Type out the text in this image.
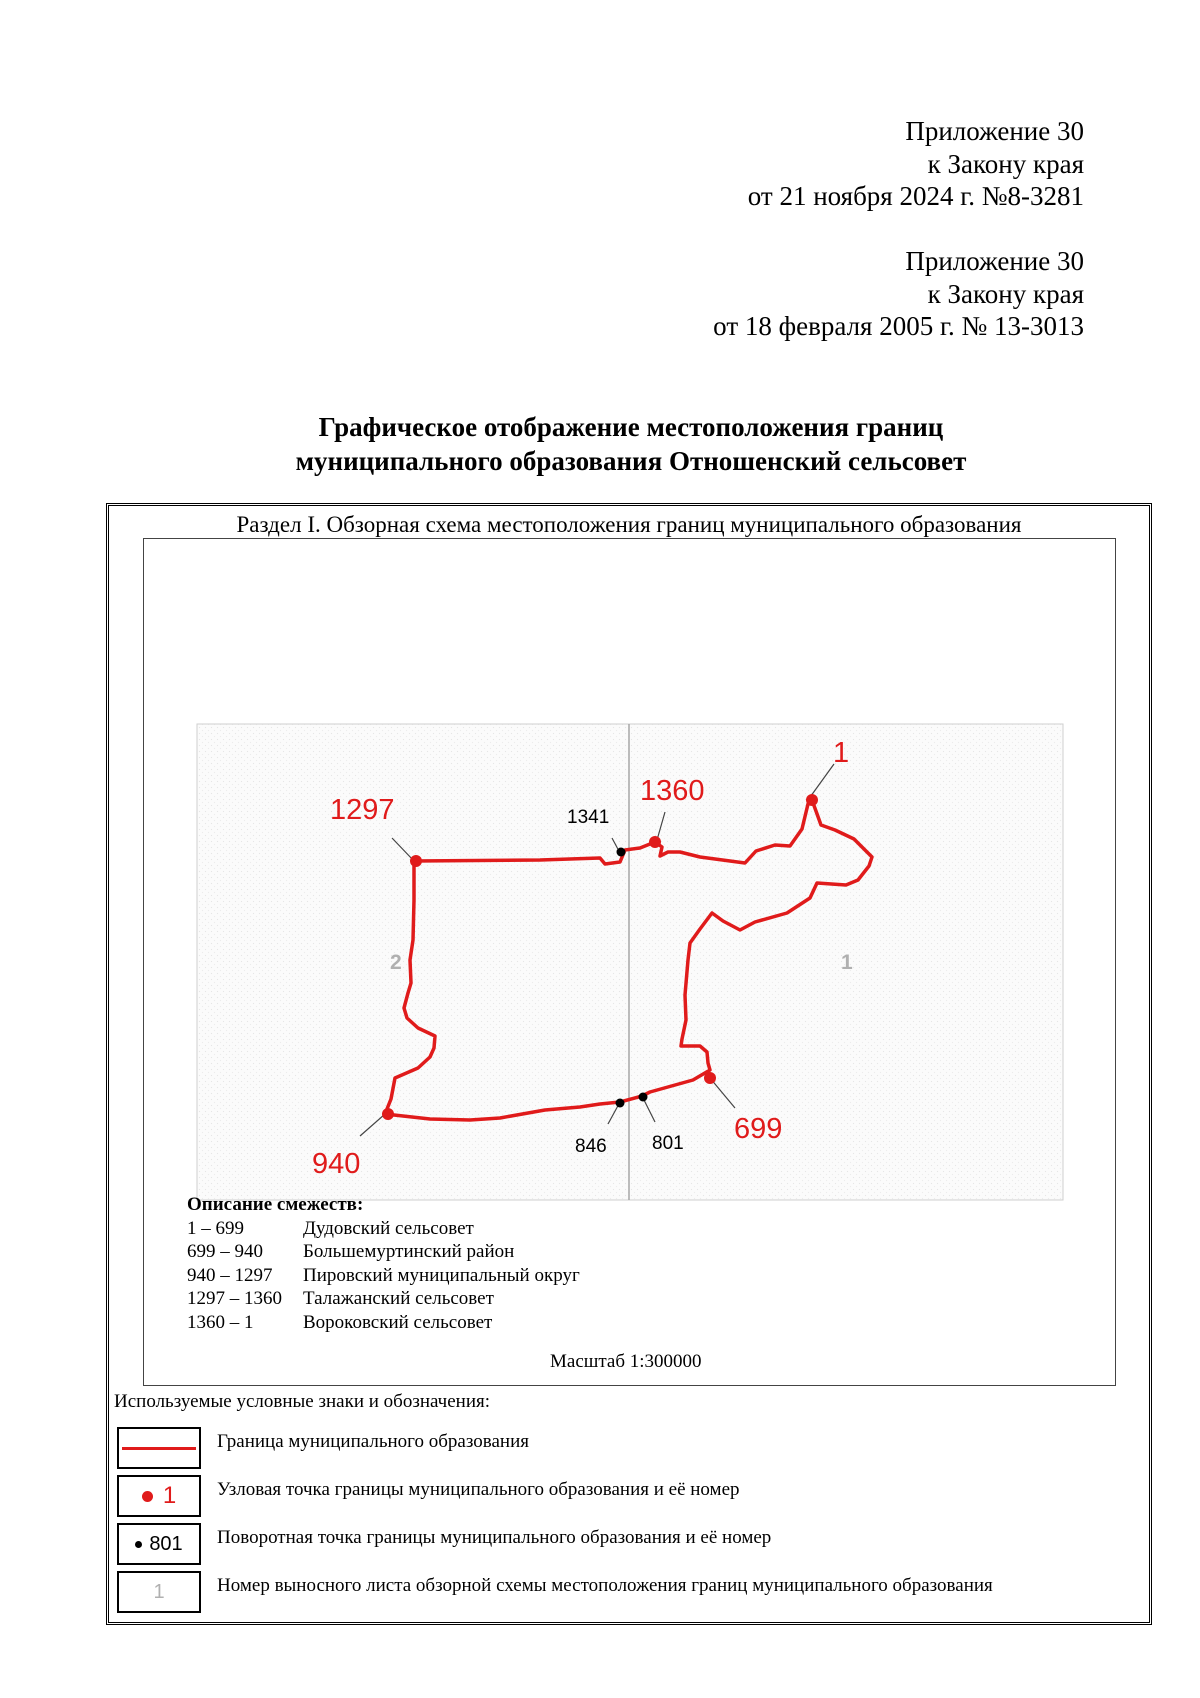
Приложение 30
к Закону края
от 21 ноября 2024 г. №8-3281
Приложение 30
к Закону края
от 18 февраля 2005 г. № 13-3013
Графическое отображение местоположения границ
муниципального образования Отношенский сельсовет
Раздел I. Обзорная схема местоположения границ муниципального образования
2	1
1
1360
1297
940
699
1341
846 801
Описание смежеств:
1 – 699	Дудовский сельсовет
699 – 940	Большемуртинский район
940 – 1297	Пировский муниципальный округ
1297 – 1360	Талажанский сельсовет
1360 – 1	Вороковский сельсовет
Масштаб 1:300000
Используемые условные знаки и обозначения:
Граница муниципального образования
1 Узловая точка границы муниципального образования и её номер
801 Поворотная точка границы муниципального образования и её номер
1	Номер выносного листа обзорной схемы местоположения границ муниципального образования
